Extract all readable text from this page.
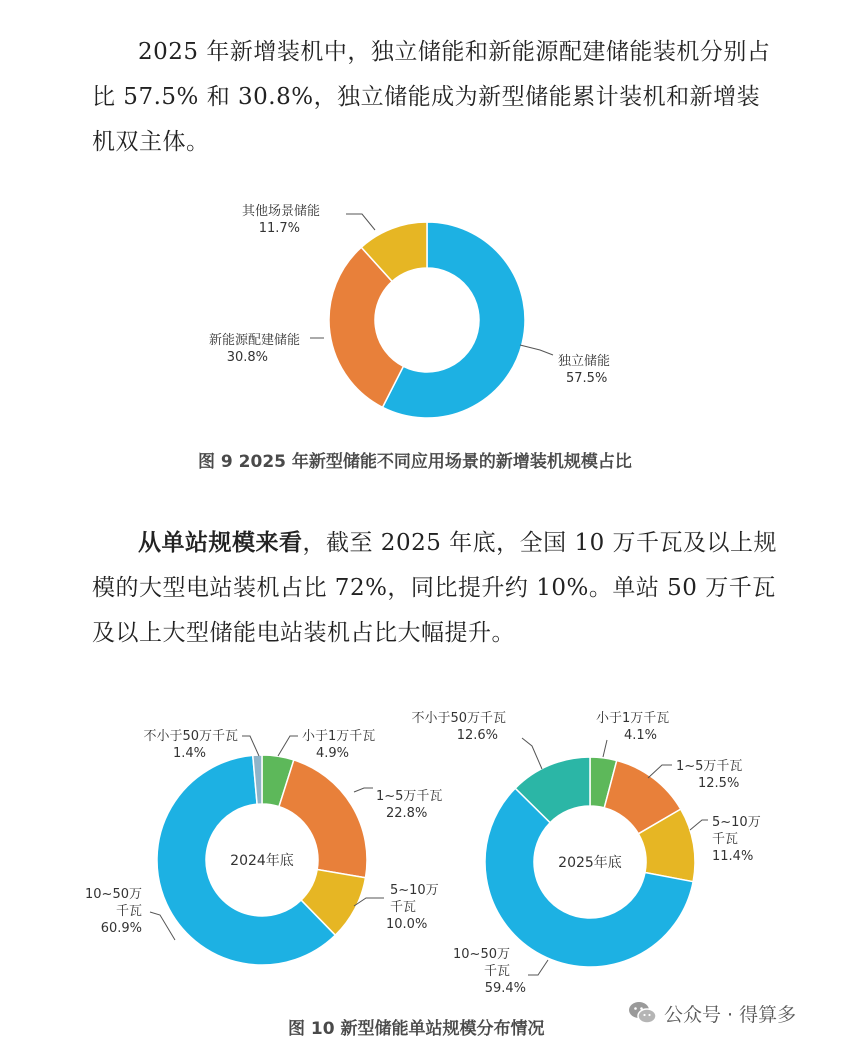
2025 年新增装机中，独立储能和新能源配建储能装机分别占比 57.5% 和 30.8%，独立储能成为新型储能累计装机和新增装机双主体。

独立储能
57.5%
新能源配建储能
30.8%
其他场景储能
11.7%
图 9 2025 年新型储能不同应用场景的新增装机规模占比

从单站规模来看，截至 2025 年底，全国 10 万千瓦及以上规模的大型电站装机占比 72%，同比提升约 10%。单站 50 万千瓦及以上大型储能电站装机占比大幅提升。

2024年底
小于1万千瓦
4.9%
1~5万千瓦
22.8%
5~10万
千瓦
10.0%
10~50万
千瓦
60.9%
不小于50万千瓦
1.4%
2025年底
小于1万千瓦
4.1%
1~5万千瓦
12.5%
5~10万
千瓦
11.4%
10~50万
千瓦
59.4%
不小于50万千瓦
12.6%
图 10 新型储能单站规模分布情况
公众号 · 得算多
